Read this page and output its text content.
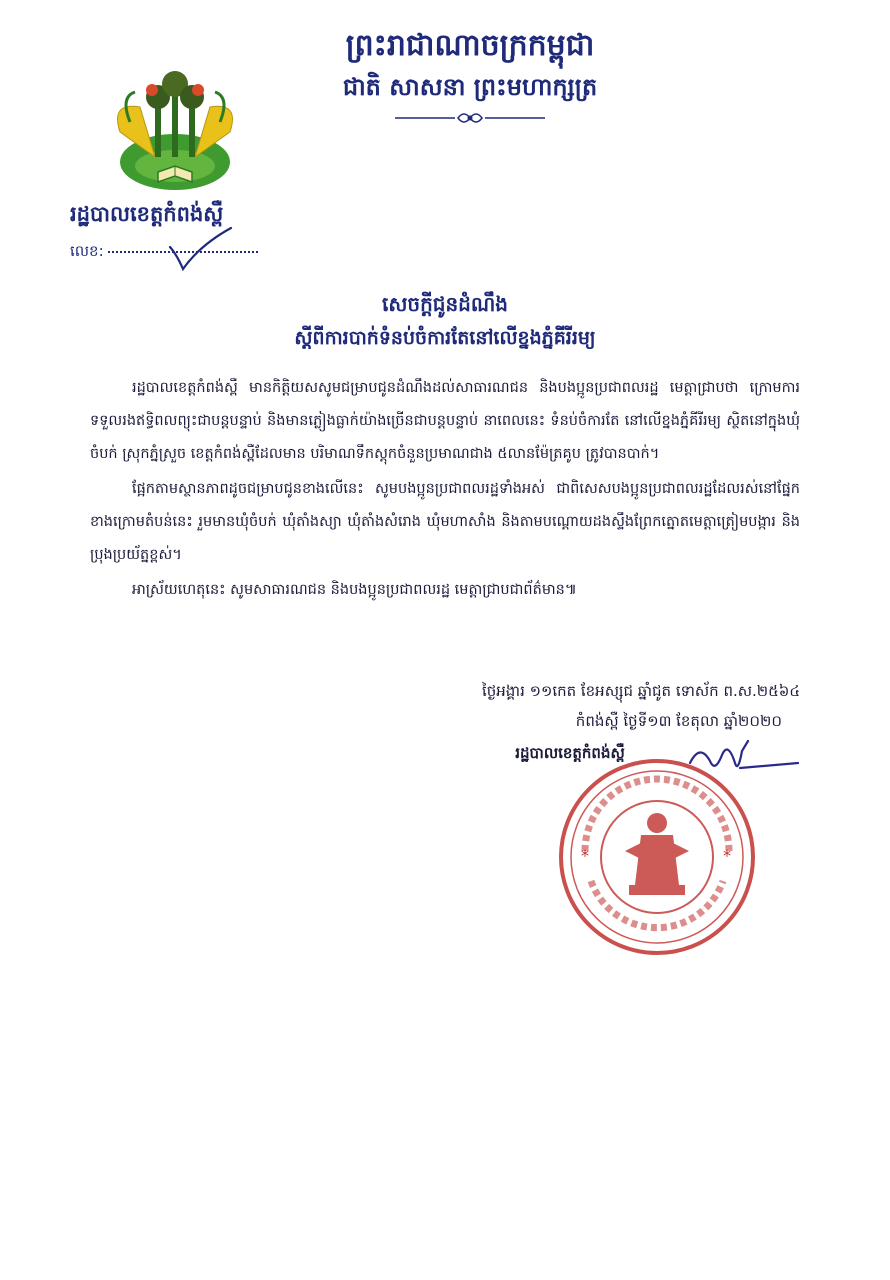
ព្រះរាជាណាចក្រកម្ពុជា
ជាតិ សាសនា ព្រះមហាក្សត្រ
រដ្ឋបាលខេត្តកំពង់ស្ពឺ
លេខ:
សេចក្តីជូនដំណឹង
ស្តីពីការបាក់ទំនប់ចំការតែនៅលើខ្នងភ្នំគីរីរម្យ

រដ្ឋបាលខេត្តកំពង់ស្ពឺ មានកិត្តិយសសូមជម្រាបជូនដំណឹងដល់សាធារណជន និងបងប្អូនប្រជាពលរដ្ឋ មេត្តាជ្រាបថា ក្រោមការទទួលរងឥទ្ធិពលព្យុះជាបន្តបន្ទាប់ និងមានភ្លៀងធ្លាក់យ៉ាងច្រើនជាបន្តបន្ទាប់ នាពេលនេះ ទំនប់ចំការតែ នៅលើខ្នងភ្នំគីរីរម្យ ស្ថិតនៅក្នុងឃុំចំបក់ ស្រុកភ្នំស្រួច ខេត្តកំពង់ស្ពឺដែលមាន បរិមាណទឹកស្តុកចំនួនប្រមាណជាង ៥លានម៉ែត្រគូប ត្រូវបានបាក់។

ផ្អែកតាមស្ថានភាពដូចជម្រាបជូនខាងលើនេះ សូមបងប្អូនប្រជាពលរដ្ឋទាំងអស់ ជាពិសេសបងប្អូនប្រជាពលរដ្ឋដែលរស់នៅផ្នែកខាងក្រោមតំបន់នេះ រួមមានឃុំចំបក់ ឃុំតាំងស្យា ឃុំតាំងសំរោង ឃុំមហាសាំង និងតាមបណ្តោយដងស្ទឹងព្រែកត្នោតមេត្តាត្រៀមបង្ការ និងប្រុងប្រយ័ត្នខ្ពស់។

អាស្រ័យហេតុនេះ សូមសាធារណជន និងបងប្អូនប្រជាពលរដ្ឋ មេត្តាជ្រាបជាព័ត៌មាន៕

ថ្ងៃអង្គារ ១១កេត ខែអស្សុជ ឆ្នាំជូត ទោស័ក ព.ស.២៥៦៤
កំពង់ស្ពឺ ថ្ងៃទី១៣ ខែតុលា ឆ្នាំ២០២០
រដ្ឋបាលខេត្តកំពង់ស្ពឺ
*	*
